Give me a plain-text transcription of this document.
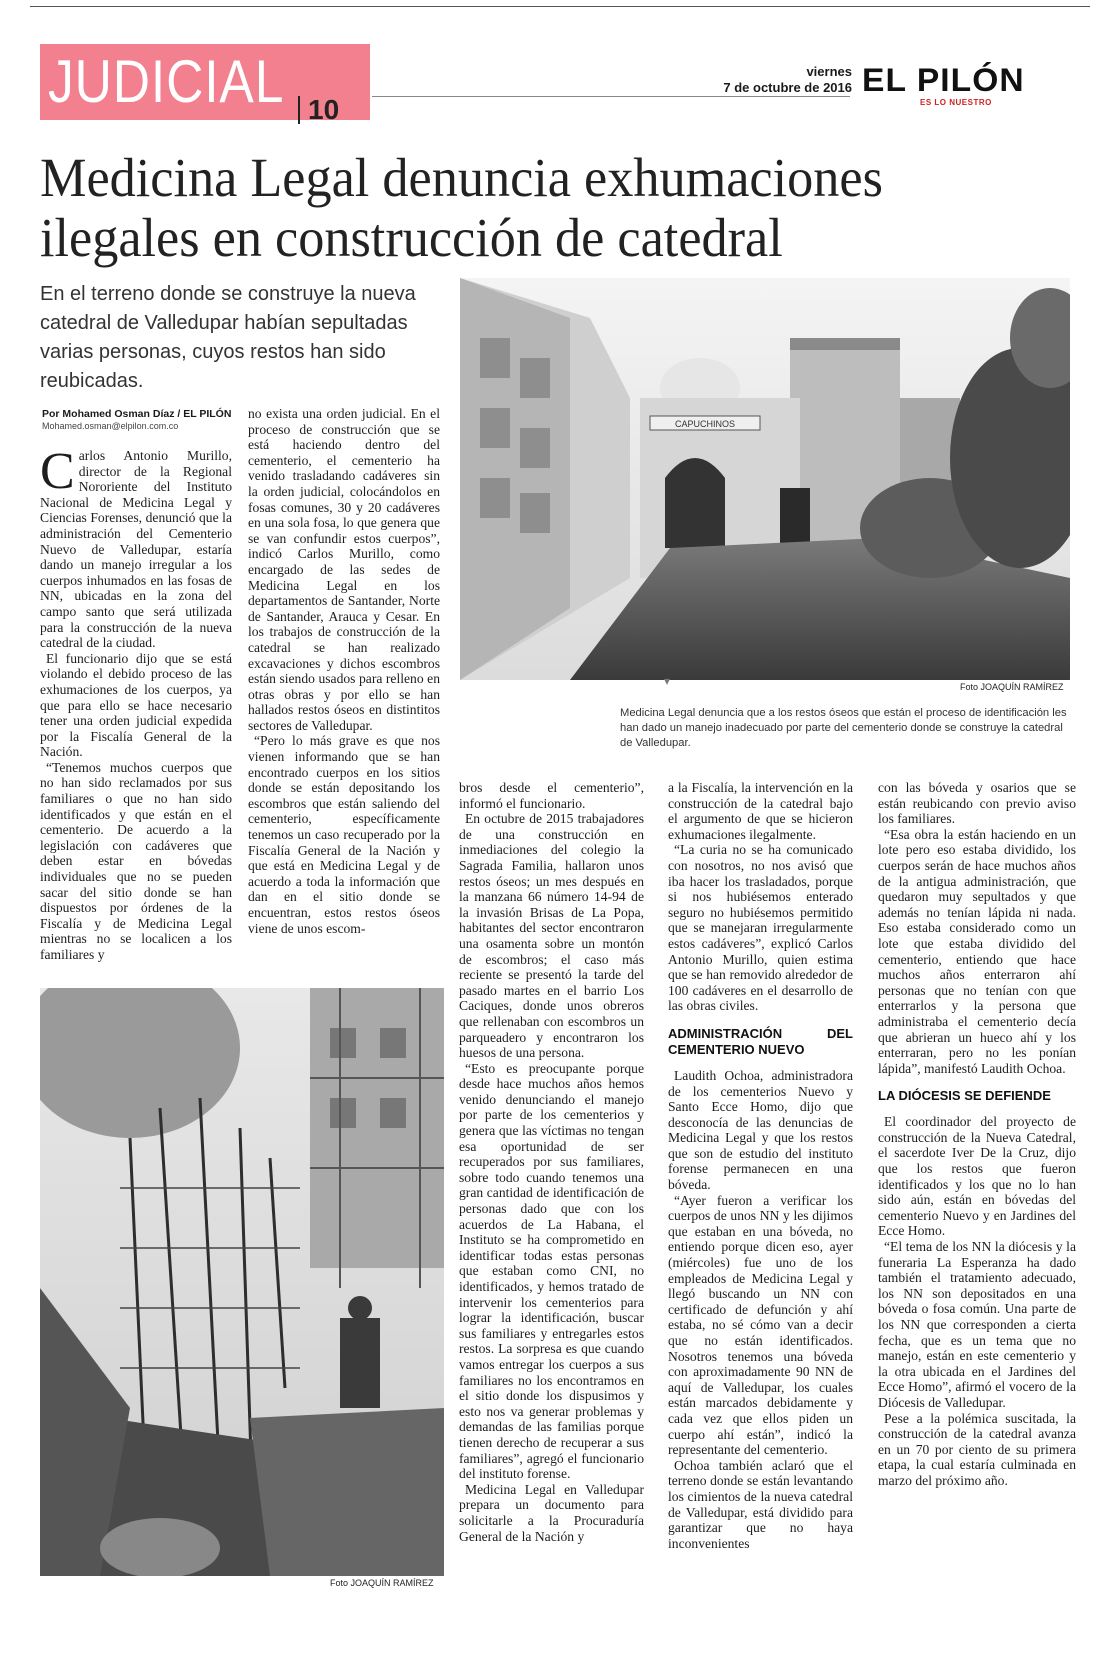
JUDICIAL 10
viernes
7 de octubre de 2016 EL PILÓN
ES LO NUESTRO
Medicina Legal denuncia exhumaciones
ilegales en construcción de catedral
En el terreno donde se construye la nueva catedral de Valledupar habían sepultadas varias personas, cuyos restos han sido reubicadas.
Por Mohamed Osman Díaz / EL PILÓN
Mohamed.osman@elpilon.com.co	CAPUCHINOS
▾	Foto JOAQUÍN RAMÍREZ
Medicina Legal denuncia que a los restos óseos que están el proceso de identificación les han dado un manejo inadecuado por parte del cementerio donde se construye la catedral de Valledupar.

Carlos Antonio Murillo, director de la Regional Nororiente del Instituto Nacional de Medicina Legal y Ciencias Forenses, denunció que la administración del Cementerio Nuevo de Valledupar, estaría dando un manejo irregular a los cuerpos inhumados en las fosas de NN, ubicadas en la zona del campo santo que será utilizada para la construcción de la nueva catedral de la ciudad.

El funcionario dijo que se está violando el debido proceso de las exhumaciones de los cuerpos, ya que para ello se hace necesario tener una orden judicial expedida por la Fiscalía General de la Nación.

“Tenemos muchos cuerpos que no han sido reclamados por sus familiares o que no han sido identificados y que están en el cementerio. De acuerdo a la legislación con cadáveres que deben estar en bóvedas individuales que no se pueden sacar del sitio donde se han dispuestos por órdenes de la Fiscalía y de Medicina Legal mientras no se localicen a los familiares y

no exista una orden judicial. En el proceso de construcción que se está haciendo dentro del cementerio, el cementerio ha venido trasladando cadáveres sin la orden judicial, colocándolos en fosas comunes, 30 y 20 cadáveres en una sola fosa, lo que genera que se van confundir estos cuerpos”, indicó Carlos Murillo, como encargado de las sedes de Medicina Legal en los departamentos de Santander, Norte de Santander, Arauca y Cesar. En los trabajos de construcción de la catedral se han realizado excavaciones y dichos escombros están siendo usados para relleno en otras obras y por ello se han hallados restos óseos en distintitos sectores de Valledupar.

“Pero lo más grave es que nos vienen informando que se han encontrado cuerpos en los sitios donde se están depositando los escombros que están saliendo del cementerio, específicamente tenemos un caso recuperado por la Fiscalía General de la Nación y que está en Medicina Legal y de acuerdo a toda la información que dan en el sitio donde se encuentran, estos restos óseos viene de unos escom-

Foto JOAQUÍN RAMÍREZ

bros desde el cementerio”, informó el funcionario.

En octubre de 2015 trabajadores de una construcción en inmediaciones del colegio la Sagrada Familia, hallaron unos restos óseos; un mes después en la manzana 66 número 14-94 de la invasión Brisas de La Popa, habitantes del sector encontraron una osamenta sobre un montón de escombros; el caso más reciente se presentó la tarde del pasado martes en el barrio Los Caciques, donde unos obreros que rellenaban con escombros un parqueadero y encontraron los huesos de una persona.

“Esto es preocupante porque desde hace muchos años hemos venido denunciando el manejo por parte de los cementerios y genera que las víctimas no tengan esa oportunidad de ser recuperados por sus familiares, sobre todo cuando tenemos una gran cantidad de identificación de personas dado que con los acuerdos de La Habana, el Instituto se ha comprometido en identificar todas estas personas que estaban como CNI, no identificados, y hemos tratado de intervenir los cementerios para lograr la identificación, buscar sus familiares y entregarles estos restos. La sorpresa es que cuando vamos entregar los cuerpos a sus familiares no los encontramos en el sitio donde los dispusimos y esto nos va generar problemas y demandas de las familias porque tienen derecho de recuperar a sus familiares”, agregó el funcionario del instituto forense.

Medicina Legal en Valledupar prepara un documento para solicitarle a la Procuraduría General de la Nación y

a la Fiscalía, la intervención en la construcción de la catedral bajo el argumento de que se hicieron exhumaciones ilegalmente.

“La curia no se ha comunicado con nosotros, no nos avisó que iba hacer los trasladados, porque si nos hubiésemos enterado seguro no hubiésemos permitido que se manejaran irregularmente estos cadáveres”, explicó Carlos Antonio Murillo, quien estima que se han removido alrededor de 100 cadáveres en el desarrollo de las obras civiles.

ADMINISTRACIÓN DEL CEMENTERIO NUEVO

Laudith Ochoa, administradora de los cementerios Nuevo y Santo Ecce Homo, dijo que desconocía de las denuncias de Medicina Legal y que los restos que son de estudio del instituto forense permanecen en una bóveda.

“Ayer fueron a verificar los cuerpos de unos NN y les dijimos que estaban en una bóveda, no entiendo porque dicen eso, ayer (miércoles) fue uno de los empleados de Medicina Legal y llegó buscando un NN con certificado de defunción y ahí estaba, no sé cómo van a decir que no están identificados. Nosotros tenemos una bóveda con aproximadamente 90 NN de aquí de Valledupar, los cuales están marcados debidamente y cada vez que ellos piden un cuerpo ahí están”, indicó la representante del cementerio.

Ochoa también aclaró que el terreno donde se están levantando los cimientos de la nueva catedral de Valledupar, está dividido para garantizar que no haya inconvenientes

con las bóveda y osarios que se están reubicando con previo aviso los familiares.

“Esa obra la están haciendo en un lote pero eso estaba dividido, los cuerpos serán de hace muchos años de la antigua administración, que quedaron muy sepultados y que además no tenían lápida ni nada. Eso estaba considerado como un lote que estaba dividido del cementerio, entiendo que hace muchos años enterraron ahí personas que no tenían con que enterrarlos y la persona que administraba el cementerio decía que abrieran un hueco ahí y los enterraran, pero no les ponían lápida”, manifestó Laudith Ochoa.

LA DIÓCESIS SE DEFIENDE

El coordinador del proyecto de construcción de la Nueva Catedral, el sacerdote Iver De la Cruz, dijo que los restos que fueron identificados y los que no lo han sido aún, están en bóvedas del cementerio Nuevo y en Jardines del Ecce Homo.

“El tema de los NN la diócesis y la funeraria La Esperanza ha dado también el tratamiento adecuado, los NN son depositados en una bóveda o fosa común. Una parte de los NN que corresponden a cierta fecha, que es un tema que no manejo, están en este cementerio y la otra ubicada en el Jardines del Ecce Homo”, afirmó el vocero de la Diócesis de Valledupar.

Pese a la polémica suscitada, la construcción de la catedral avanza en un 70 por ciento de su primera etapa, la cual estaría culminada en marzo del próximo año.
